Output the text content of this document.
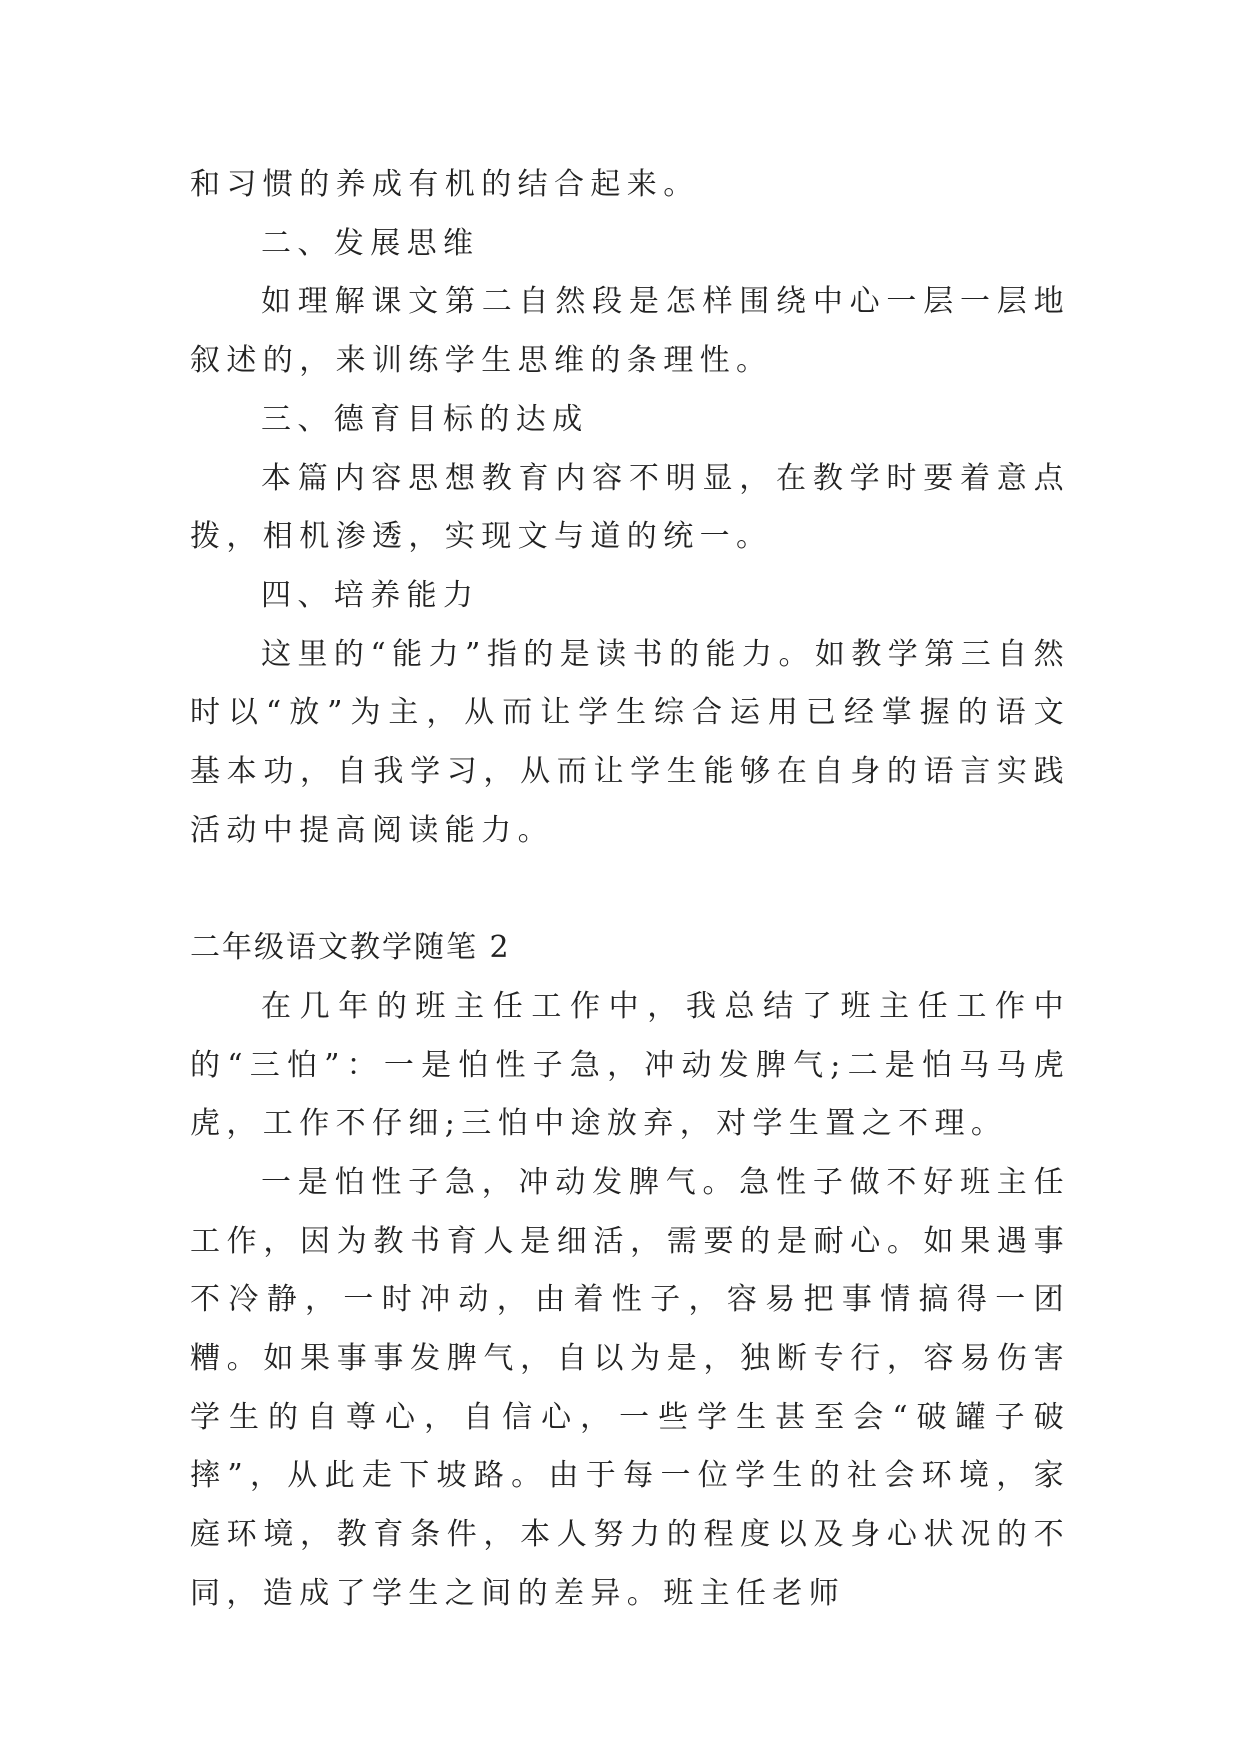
和习惯的养成有机的结合起来。

二、发展思维

如理解课文第二自然段是怎样围绕中心一层一层地叙述的，来训练学生思维的条理性。

三、德育目标的达成

本篇内容思想教育内容不明显，在教学时要着意点拨，相机渗透，实现文与道的统一。

四、培养能力

这里的“能力”指的是读书的能力。如教学第三自然时以“放”为主，从而让学生综合运用已经掌握的语文基本功，自我学习，从而让学生能够在自身的语言实践活动中提高阅读能力。

二年级语文教学随笔 2

在几年的班主任工作中，我总结了班主任工作中的“三怕”：一是怕性子急，冲动发脾气;二是怕马马虎虎，工作不仔细;三怕中途放弃，对学生置之不理。

一是怕性子急，冲动发脾气。急性子做不好班主任工作，因为教书育人是细活，需要的是耐心。如果遇事不冷静，一时冲动，由着性子，容易把事情搞得一团糟。如果事事发脾气，自以为是，独断专行，容易伤害学生的自尊心，自信心，一些学生甚至会“破罐子破摔”，从此走下坡路。由于每一位学生的社会环境，家庭环境，教育条件，本人努力的程度以及身心状况的不同，造成了学生之间的差异。班主任老师
